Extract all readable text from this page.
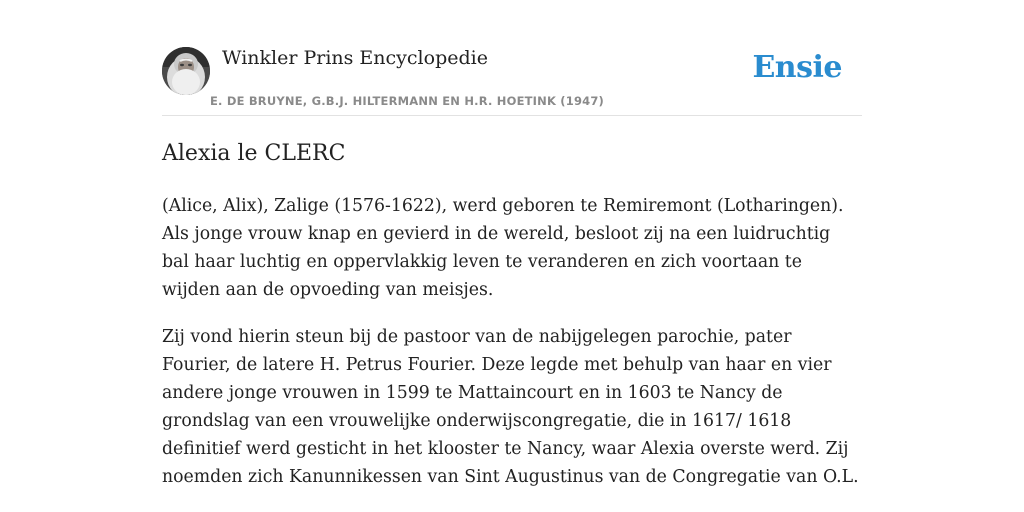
Winkler Prins Encyclopedie
E. DE BRUYNE, G.B.J. HILTERMANN EN H.R. HOETINK (1947)
Ensie
Alexia le CLERC

(Alice, Alix), Zalige (1576-1622), werd geboren te Remiremont (Lotharingen). Als jonge vrouw knap en gevierd in de wereld, besloot zij na een luidruchtig bal haar luchtig en oppervlakkig leven te veranderen en zich voortaan te wijden aan de opvoeding van meisjes.

Zij vond hierin steun bij de pastoor van de nabijgelegen parochie, pater Fourier, de latere H. Petrus Fourier. Deze legde met behulp van haar en vier andere jonge vrouwen in 1599 te Mattaincourt en in 1603 te Nancy de grondslag van een vrouwelijke onderwijscongregatie, die in 1617/ 1618 definitief werd gesticht in het klooster te Nancy, waar Alexia overste werd. Zij noemden zich Kanunnikessen van Sint Augustinus van de Congregatie van O.L.
